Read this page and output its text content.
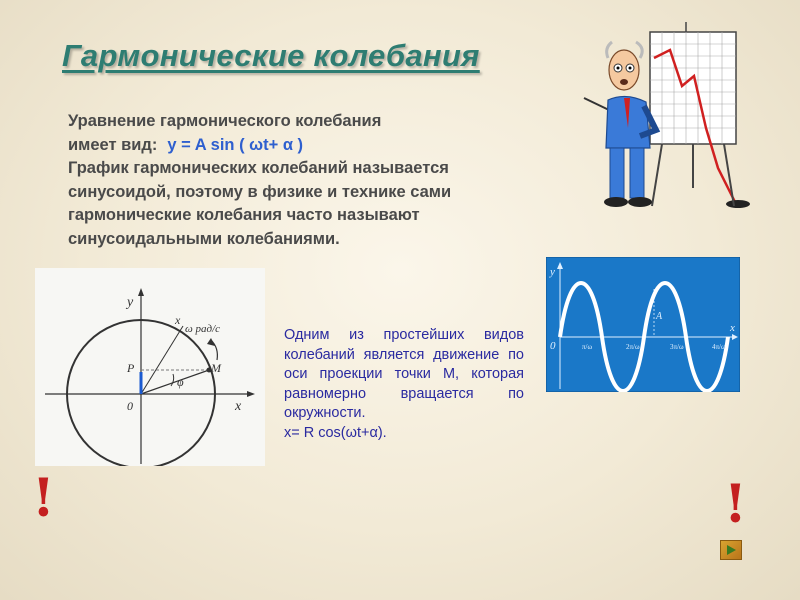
Гармонические колебания
Уравнение гармонического колебания
имеет вид: y = A sin ( ωt+ α )
График гармонических колебаний называется
синусоидой, поэтому в физике и технике сами
гармонические колебания часто называют
синусоидальными колебаниями.
y
x
0
P	M
φ
x
ω рад/с
y
x
0
A
π/ω	2π/ω	3π/ω	4π/ω
Одним из простейших видов колебаний является движение по оси проекции точки М, которая равномерно вращается по окружности.
x= R cos(ωt+α).
!	!
